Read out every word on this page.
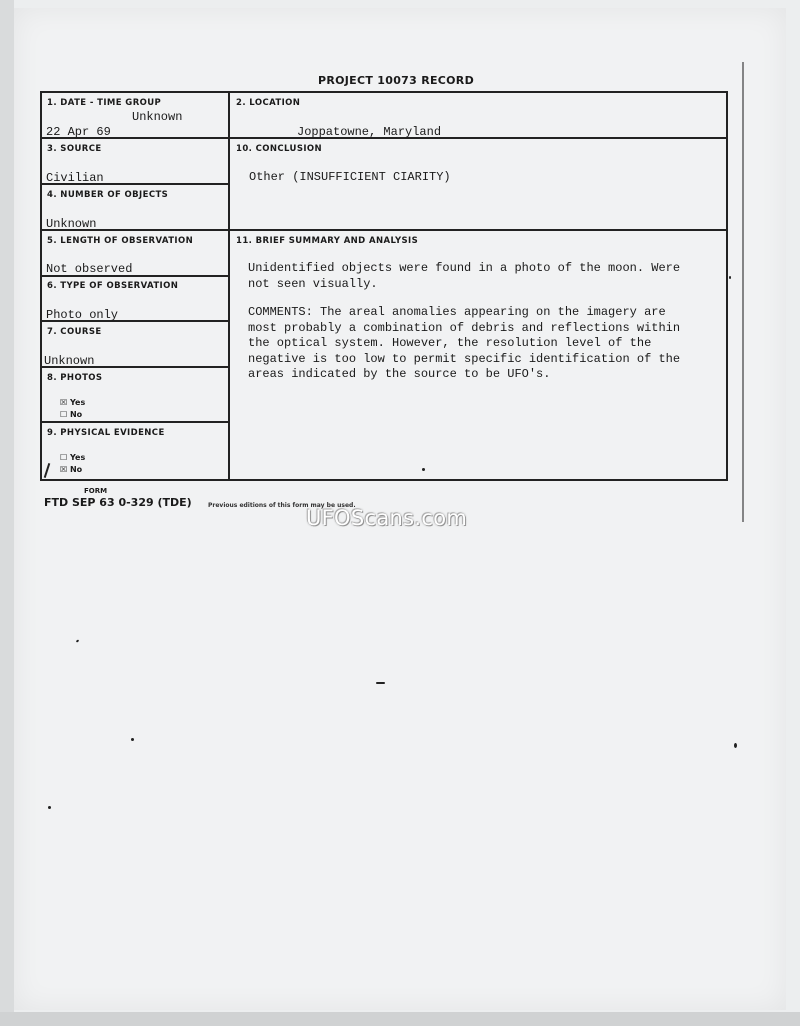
PROJECT 10073 RECORD
1. DATE - TIME GROUP
Unknown
22 Apr 69
2. LOCATION
Joppatowne, Maryland
3. SOURCE
Civilian
10. CONCLUSION
Other (INSUFFICIENT CIARITY)
4. NUMBER OF OBJECTS
Unknown
5. LENGTH OF OBSERVATION
Not observed
11. BRIEF SUMMARY AND ANALYSIS

Unidentified objects were found in a photo of the moon. Were
not seen visually.

COMMENTS: The areal anomalies appearing on the imagery are
most probably a combination of debris and reflections within
the optical system. However, the resolution level of the
negative is too low to permit specific identification of the
areas indicated by the source to be UFO's.

6. TYPE OF OBSERVATION
Photo only
7. COURSE
Unknown
8. PHOTOS
☒ Yes
☐ No
9. PHYSICAL EVIDENCE
☐ Yes
☒ No
FORM
FTD SEP 63 0-329 (TDE)	Previous editions of this form may be used.
UFOScans.com
